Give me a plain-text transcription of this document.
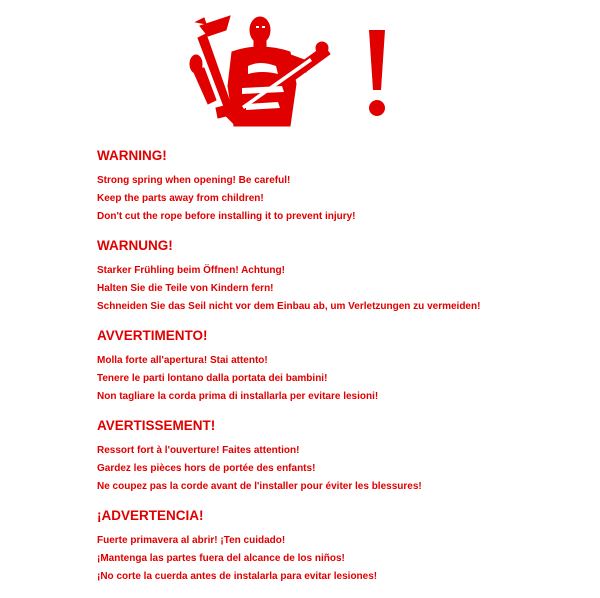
WARNING!
Strong spring when opening! Be careful!
Keep the parts away from children!
Don't cut the rope before installing it to prevent injury!
WARNUNG!
Starker Frühling beim Öffnen! Achtung!
Halten Sie die Teile von Kindern fern!
Schneiden Sie das Seil nicht vor dem Einbau ab, um Verletzungen zu vermeiden!
AVVERTIMENTO!
Molla forte all'apertura! Stai attento!
Tenere le parti lontano dalla portata dei bambini!
Non tagliare la corda prima di installarla per evitare lesioni!
AVERTISSEMENT!
Ressort fort à l'ouverture! Faites attention!
Gardez les pièces hors de portée des enfants!
Ne coupez pas la corde avant de l'installer pour éviter les blessures!
¡ADVERTENCIA!
Fuerte primavera al abrir! ¡Ten cuidado!
¡Mantenga las partes fuera del alcance de los niños!
¡No corte la cuerda antes de instalarla para evitar lesiones!
